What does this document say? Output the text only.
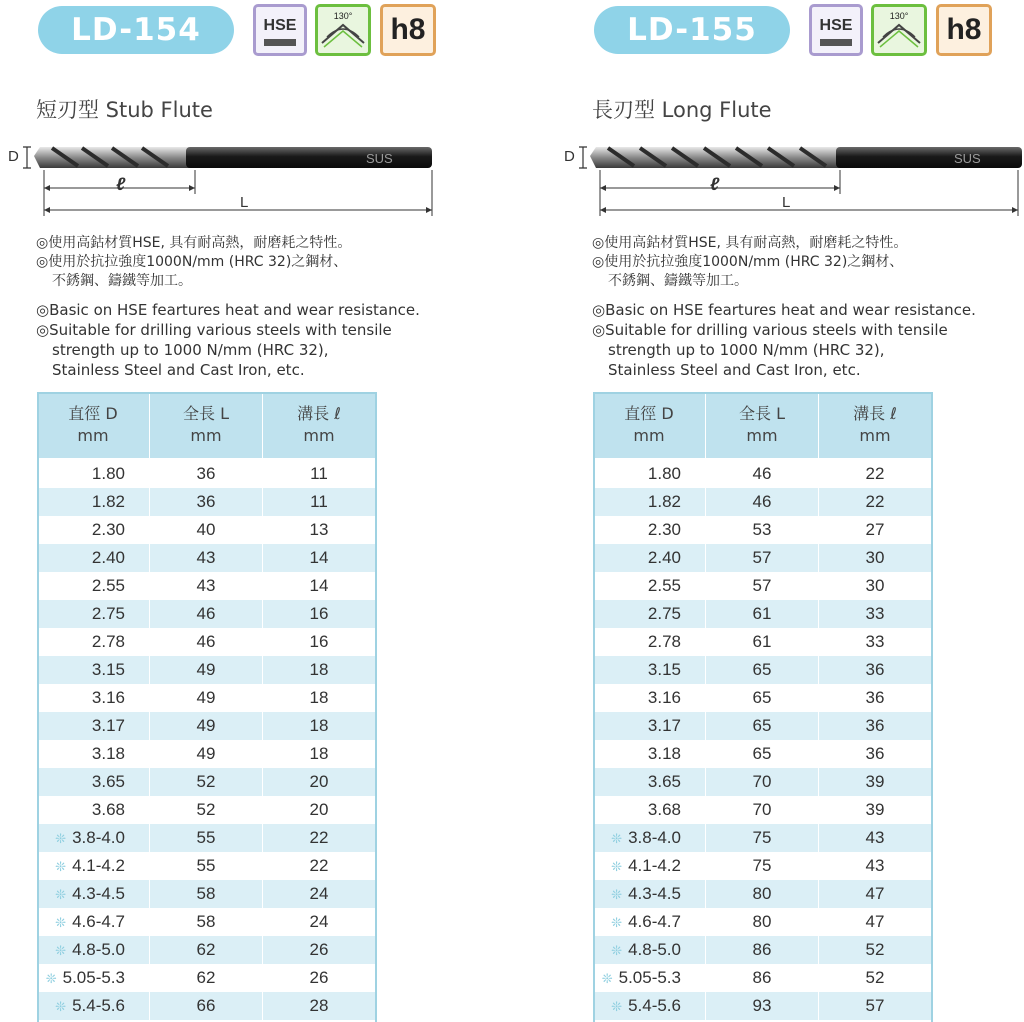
LD-154	HSE
130°	h8
短刃型 Stub Flute
SUS
D
ℓ
L
◎使用高鈷材質HSE, 具有耐高熱，耐磨耗之特性。
◎使用於抗拉強度1000N/mm (HRC 32)之鋼材、
不銹鋼、鑄鐵等加工。
◎Basic on HSE feartures heat and wear resistance.
◎Suitable for drilling various steels with tensile
strength up to 1000 N/mm (HRC 32),
Stainless Steel and Cast Iron, etc.
直徑 D
mm	全長 L
mm	溝長 ℓ
mm
1.80	36	11
1.82	36	11
2.30	40	13
2.40	43	14
2.55	43	14
2.75	46	16
2.78	46	16
3.15	49	18
3.16	49	18
3.17	49	18
3.18	49	18
3.65	52	20
3.68	52	20
❊ 3.8-4.0	55	22
❊ 4.1-4.2	55	22
❊ 4.3-4.5	58	24
❊ 4.6-4.7	58	24
❊ 4.8-5.0	62	26
❊ 5.05-5.3	62	26
❊ 5.4-5.6	66	28
LD-155	HSE
130°	h8
長刃型 Long Flute
SUS
D
ℓ
L
◎使用高鈷材質HSE, 具有耐高熱，耐磨耗之特性。
◎使用於抗拉強度1000N/mm (HRC 32)之鋼材、
不銹鋼、鑄鐵等加工。
◎Basic on HSE feartures heat and wear resistance.
◎Suitable for drilling various steels with tensile
strength up to 1000 N/mm (HRC 32),
Stainless Steel and Cast Iron, etc.
直徑 D
mm	全長 L
mm	溝長 ℓ
mm
1.80	46	22
1.82	46	22
2.30	53	27
2.40	57	30
2.55	57	30
2.75	61	33
2.78	61	33
3.15	65	36
3.16	65	36
3.17	65	36
3.18	65	36
3.65	70	39
3.68	70	39
❊ 3.8-4.0	75	43
❊ 4.1-4.2	75	43
❊ 4.3-4.5	80	47
❊ 4.6-4.7	80	47
❊ 4.8-5.0	86	52
❊ 5.05-5.3	86	52
❊ 5.4-5.6	93	57
